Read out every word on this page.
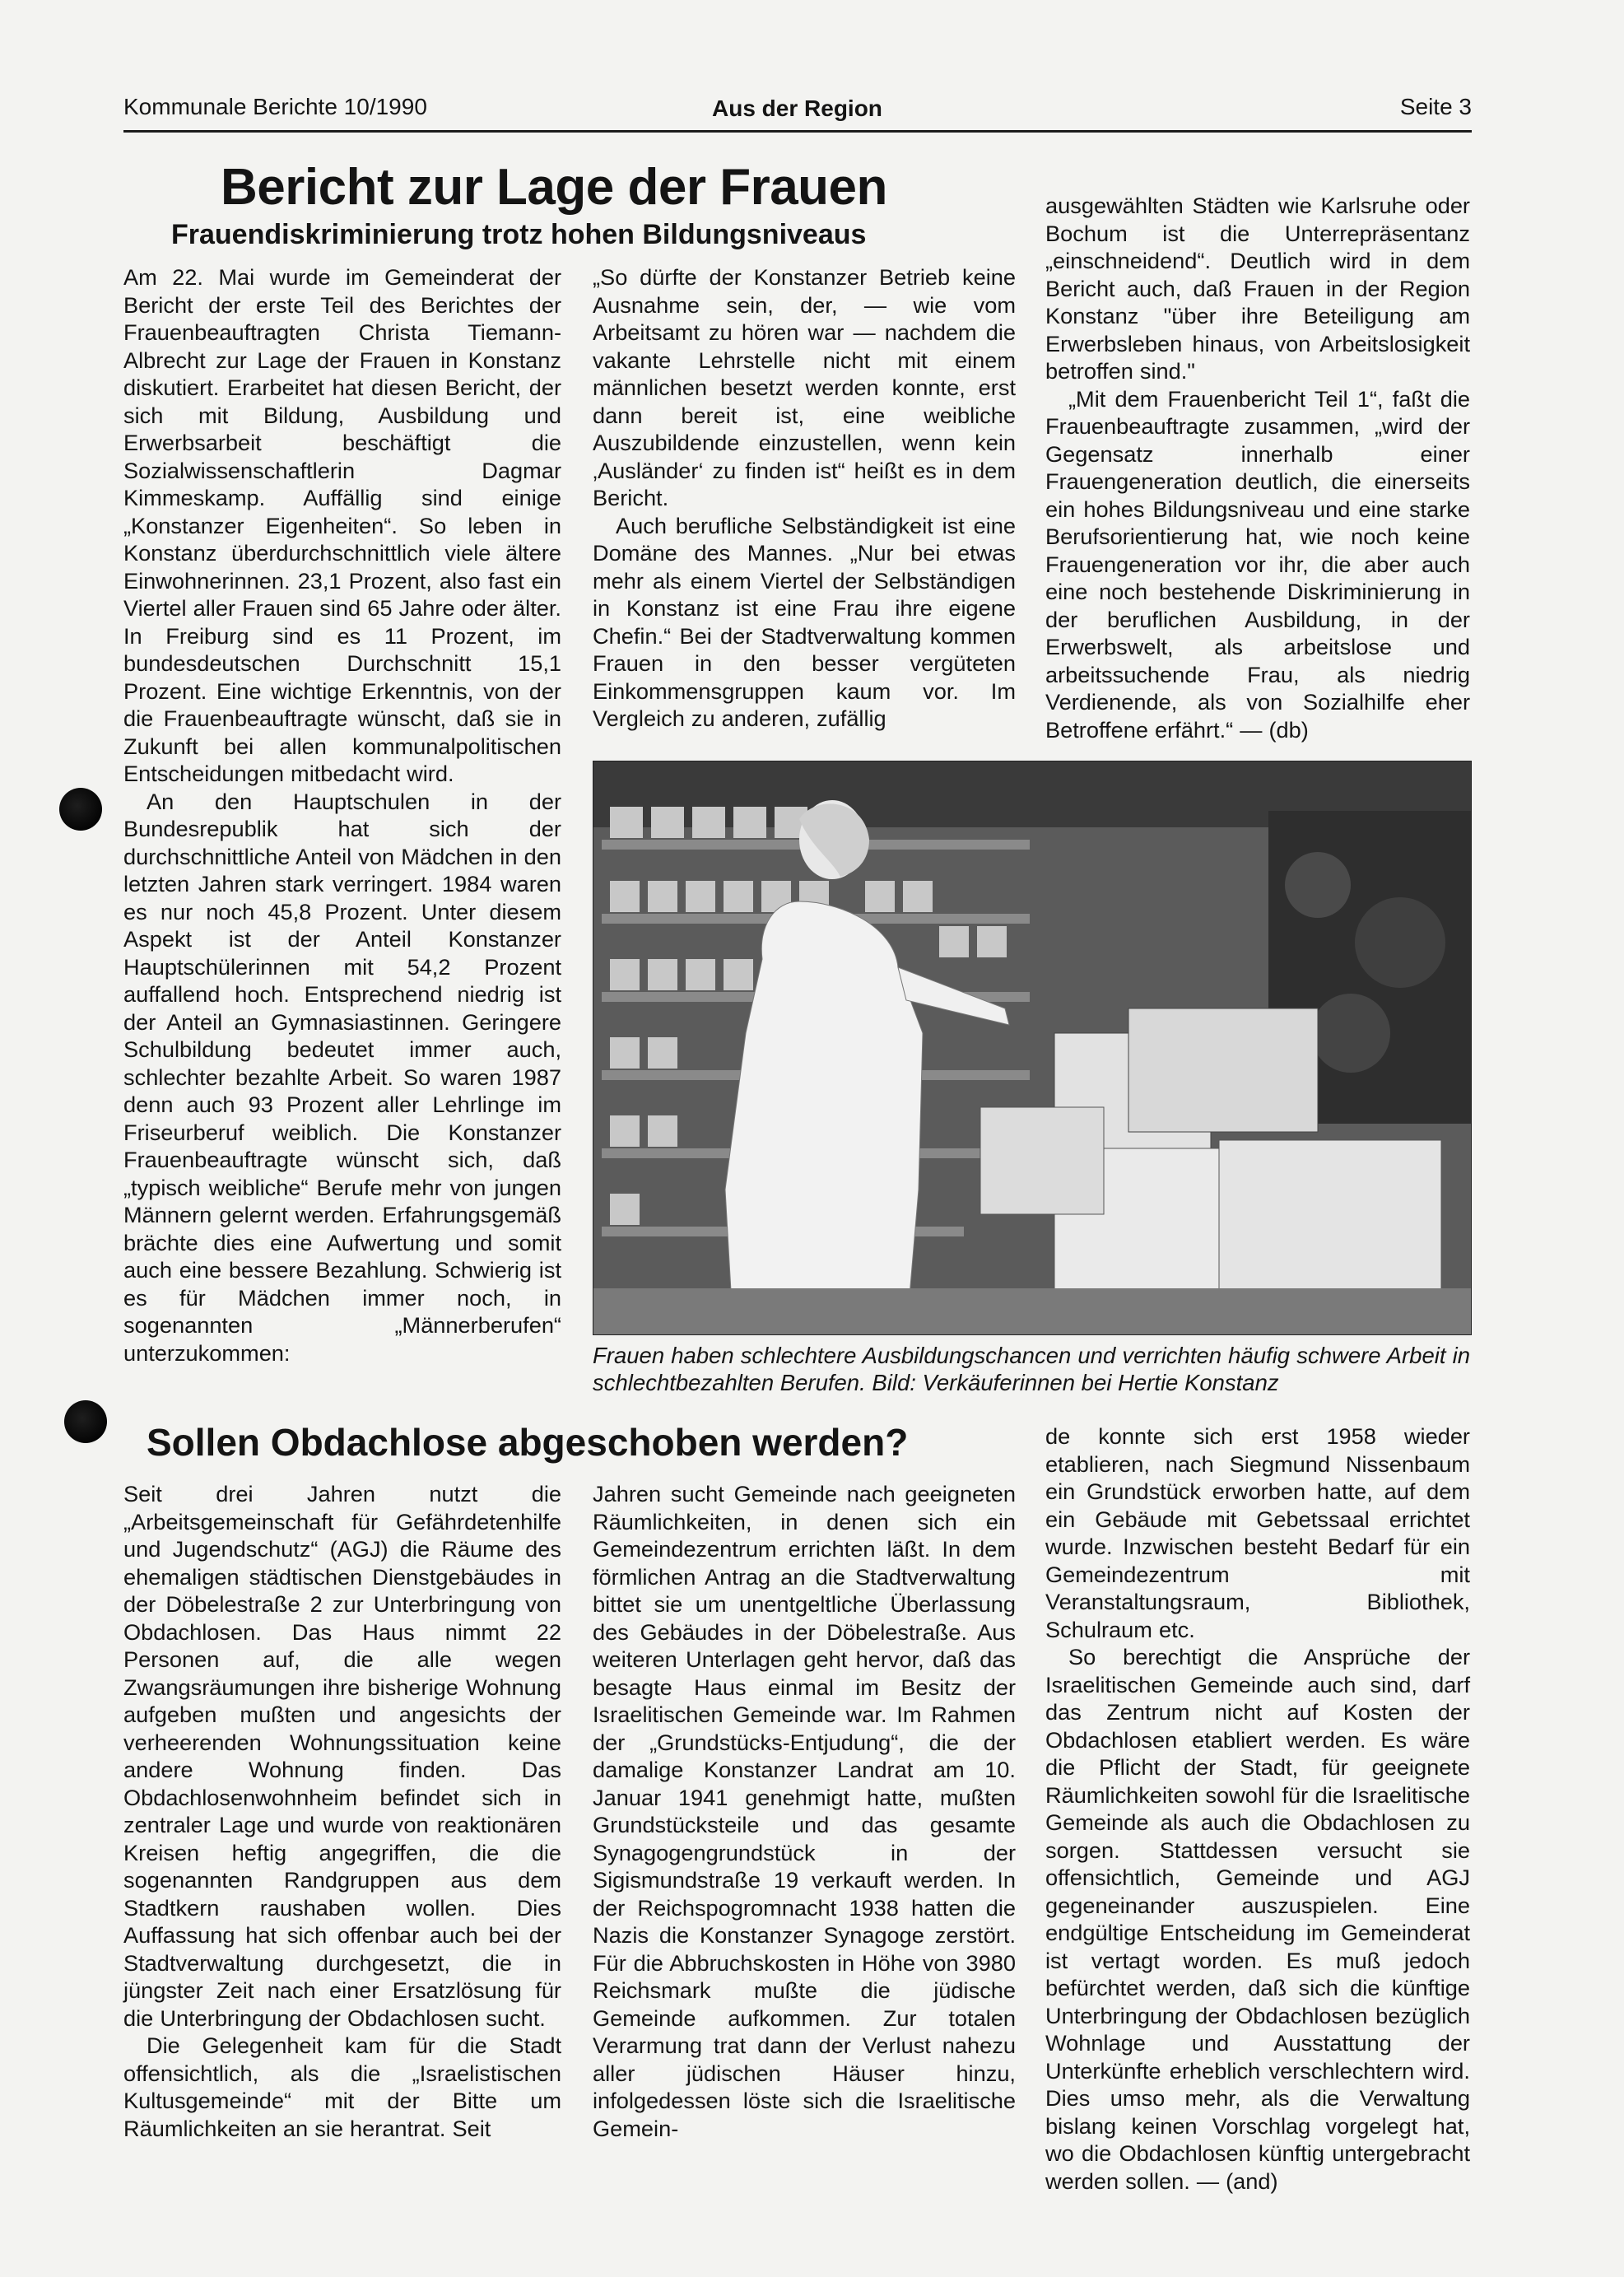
Kommunale Berichte 10/1990	Aus der Region	Seite 3

Bericht zur Lage der Frauen
Frauendiskriminierung trotz hohen Bildungsniveaus

Am 22. Mai wurde im Gemeinderat der Bericht der erste Teil des Berichtes der Frauenbeauftragten Christa Tiemann-Albrecht zur Lage der Frauen in Konstanz diskutiert. Erarbeitet hat diesen Bericht, der sich mit Bildung, Ausbildung und Erwerbsarbeit beschäftigt die Sozialwissenschaftlerin Dagmar Kimmeskamp. Auffällig sind einige „Konstanzer Eigenheiten“. So leben in Konstanz überdurchschnittlich viele ältere Einwohnerinnen. 23,1 Prozent, also fast ein Viertel aller Frauen sind 65 Jahre oder älter. In Freiburg sind es 11 Prozent, im bundesdeutschen Durchschnitt 15,1 Prozent. Eine wichtige Erkenntnis, von der die Frauenbeauftragte wünscht, daß sie in Zukunft bei allen kommunalpolitischen Entscheidungen mitbedacht wird.

An den Hauptschulen in der Bundesrepublik hat sich der durchschnittliche Anteil von Mädchen in den letzten Jahren stark verringert. 1984 waren es nur noch 45,8 Prozent. Unter diesem Aspekt ist der Anteil Konstanzer Hauptschülerinnen mit 54,2 Prozent auffallend hoch. Entsprechend niedrig ist der Anteil an Gymnasiastinnen. Geringere Schulbildung bedeutet immer auch, schlechter bezahlte Arbeit. So waren 1987 denn auch 93 Prozent aller Lehrlinge im Friseurberuf weiblich. Die Konstanzer Frauenbeauftragte wünscht sich, daß „typisch weibliche“ Berufe mehr von jungen Männern gelernt werden. Erfahrungsgemäß brächte dies eine Aufwertung und somit auch eine bessere Bezahlung. Schwierig ist es für Mädchen immer noch, in sogenannten „Männerberufen“ unterzukommen:

„So dürfte der Konstanzer Betrieb keine Ausnahme sein, der, — wie vom Arbeitsamt zu hören war — nachdem die vakante Lehrstelle nicht mit einem männlichen besetzt werden konnte, erst dann bereit ist, eine weibliche Auszubildende einzustellen, wenn kein ‚Ausländer‘ zu finden ist“ heißt es in dem Bericht.

Auch berufliche Selbständigkeit ist eine Domäne des Mannes. „Nur bei etwas mehr als einem Viertel der Selbständigen in Konstanz ist eine Frau ihre eigene Chefin.“ Bei der Stadtverwaltung kommen Frauen in den besser vergüteten Einkommensgruppen kaum vor. Im Vergleich zu anderen, zufällig

ausgewählten Städten wie Karlsruhe oder Bochum ist die Unterrepräsentanz „einschneidend“. Deutlich wird in dem Bericht auch, daß Frauen in der Region Konstanz "über ihre Beteiligung am Erwerbsleben hinaus, von Arbeitslosigkeit betroffen sind."

„Mit dem Frauenbericht Teil 1“, faßt die Frauenbeauftragte zusammen, „wird der Gegensatz innerhalb einer Frauengeneration deutlich, die einerseits ein hohes Bildungsniveau und eine starke Berufsorientierung hat, wie noch keine Frauengeneration vor ihr, die aber auch eine noch bestehende Diskriminierung in der beruflichen Ausbildung, in der Erwerbswelt, als arbeitslose und arbeitssuchende Frau, als niedrig Verdienende, als von Sozialhilfe eher Betroffene erfährt.“ — (db)

Frauen haben schlechtere Ausbildungschancen und verrichten häufig schwere Arbeit in schlechtbezahlten Berufen. Bild: Verkäuferinnen bei Hertie Konstanz
Sollen Obdachlose abgeschoben werden?

Seit drei Jahren nutzt die „Arbeitsgemeinschaft für Gefährdetenhilfe und Jugendschutz“ (AGJ) die Räume des ehemaligen städtischen Dienstgebäudes in der Döbelestraße 2 zur Unterbringung von Obdachlosen. Das Haus nimmt 22 Personen auf, die alle wegen Zwangsräumungen ihre bisherige Wohnung aufgeben mußten und angesichts der verheerenden Wohnungssituation keine andere Wohnung finden. Das Obdachlosenwohnheim befindet sich in zentraler Lage und wurde von reaktionären Kreisen heftig angegriffen, die die sogenannten Randgruppen aus dem Stadtkern raushaben wollen. Dies Auffassung hat sich offenbar auch bei der Stadtverwaltung durchgesetzt, die in jüngster Zeit nach einer Ersatzlösung für die Unterbringung der Obdachlosen sucht.

Die Gelegenheit kam für die Stadt offensichtlich, als die „Israelistischen Kultusgemeinde“ mit der Bitte um Räumlichkeiten an sie herantrat. Seit

Jahren sucht Gemeinde nach geeigneten Räumlichkeiten, in denen sich ein Gemeindezentrum errichten läßt. In dem förmlichen Antrag an die Stadtverwaltung bittet sie um unentgeltliche Überlassung des Gebäudes in der Döbelestraße. Aus weiteren Unterlagen geht hervor, daß das besagte Haus einmal im Besitz der Israelitischen Gemeinde war. Im Rahmen der „Grundstücks-Entjudung“, die der damalige Konstanzer Landrat am 10. Januar 1941 genehmigt hatte, mußten Grundstücksteile und das gesamte Synagogengrundstück in der Sigismundstraße 19 verkauft werden. In der Reichspogromnacht 1938 hatten die Nazis die Konstanzer Synagoge zerstört. Für die Abbruchskosten in Höhe von 3980 Reichsmark mußte die jüdische Gemeinde aufkommen. Zur totalen Verarmung trat dann der Verlust nahezu aller jüdischen Häuser hinzu, infolgedessen löste sich die Israelitische Gemein-

de konnte sich erst 1958 wieder etablieren, nach Siegmund Nissenbaum ein Grundstück erworben hatte, auf dem ein Gebäude mit Gebetssaal errichtet wurde. Inzwischen besteht Bedarf für ein Gemeindezentrum mit Veranstaltungsraum, Bibliothek, Schulraum etc.

So berechtigt die Ansprüche der Israelitischen Gemeinde auch sind, darf das Zentrum nicht auf Kosten der Obdachlosen etabliert werden. Es wäre die Pflicht der Stadt, für geeignete Räumlichkeiten sowohl für die Israelitische Gemeinde als auch die Obdachlosen zu sorgen. Stattdessen versucht sie offensichtlich, Gemeinde und AGJ gegeneinander auszuspielen. Eine endgültige Entscheidung im Gemeinderat ist vertagt worden. Es muß jedoch befürchtet werden, daß sich die künftige Unterbringung der Obdachlosen bezüglich Wohnlage und Ausstattung der Unterkünfte erheblich verschlechtern wird. Dies umso mehr, als die Verwaltung bislang keinen Vorschlag vorgelegt hat, wo die Obdachlosen künftig untergebracht werden sollen. — (and)
